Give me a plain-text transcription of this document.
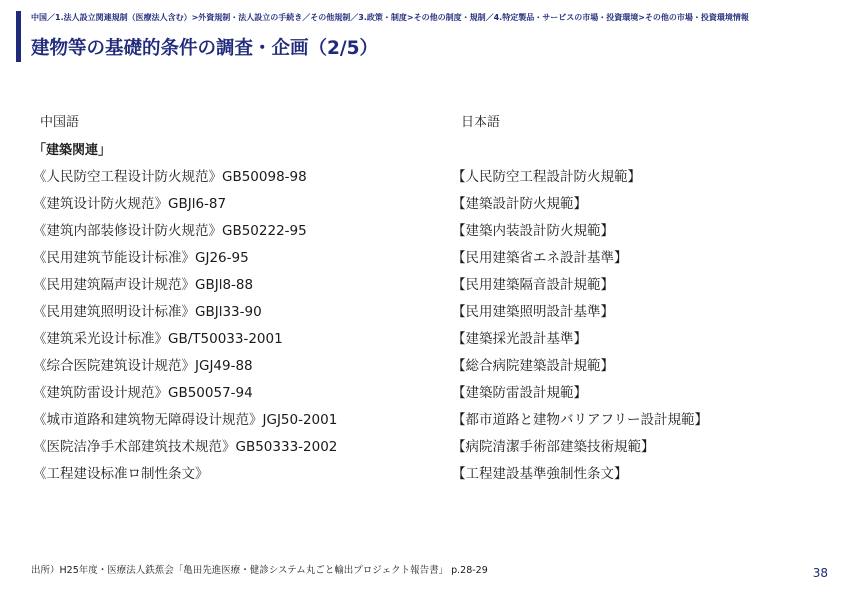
中国／1.法人設立関連規制（医療法人含む）>外資規制・法人設立の手続き／その他規制／3.政策・制度>その他の制度・規制／4.特定製品・サービスの市場・投資環境>その他の市場・投資環境情報
建物等の基礎的条件の調査・企画（2/5）
中国語	日本語
「建築関連」
《人民防空工程设计防火规范》GB50098-98	【人民防空工程設計防火規範】
《建筑设计防火规范》GBJl6-87	【建築設計防火規範】
《建筑内部装修设计防火规范》GB50222-95	【建築内装設計防火規範】
《民用建筑节能设计标准》GJ26-95	【民用建築省エネ設計基準】
《民用建筑隔声设计规范》GBJl8-88	【民用建築隔音設計規範】
《民用建筑照明设计标准》GBJl33-90	【民用建築照明設計基準】
《建筑采光设计标准》GB/T50033-2001	【建築採光設計基準】
《综合医院建筑设计规范》JGJ49-88	【総合病院建築設計規範】
《建筑防雷设计规范》GB50057-94	【建築防雷設計規範】
《城市道路和建筑物无障碍设计规范》JGJ50-2001	【都市道路と建物バリアフリー設計規範】
《医院洁净手术部建筑技术规范》GB50333-2002	【病院清潔手術部建築技術規範】
《工程建设标准ロ制性条文》	【工程建設基準強制性条文】
出所）H25年度・医療法人鉄蕉会「亀田先進医療・健診システム丸ごと輸出プロジェクト報告書」 p.28-29	38
